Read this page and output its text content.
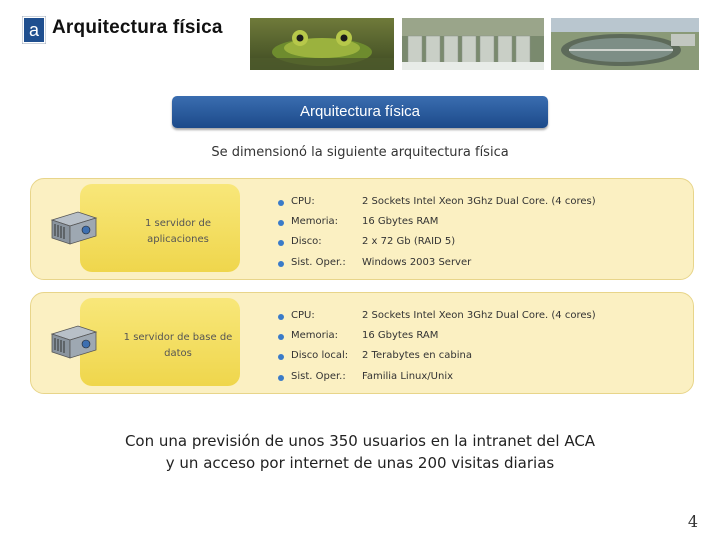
a Arquitectura física
Arquitectura física
Se dimensionó la siguiente arquitectura física
1 servidor de
aplicaciones
CPU:	2 Sockets Intel Xeon 3Ghz Dual Core. (4 cores)
Memoria: 16 Gbytes RAM
Disco:	2 x 72 Gb (RAID 5)
Sist. Oper.: Windows 2003 Server
1 servidor de base de
datos
CPU:	2 Sockets Intel Xeon 3Ghz Dual Core. (4 cores)
Memoria: 16 Gbytes RAM
Disco local: 2 Terabytes en cabina
Sist. Oper.: Familia Linux/Unix
Con una previsión de unos 350 usuarios en la intranet del ACA
y un acceso por internet de unas 200 visitas diarias
4
